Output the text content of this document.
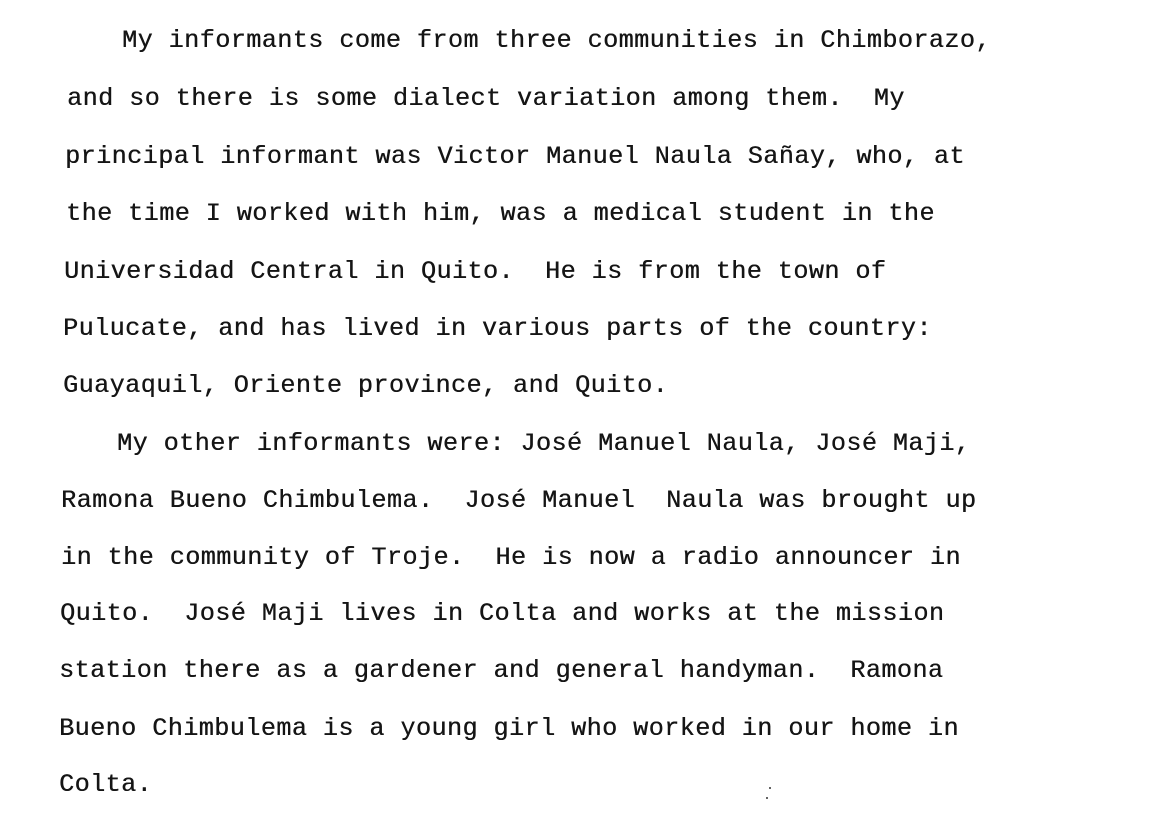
My informants come from three communities in Chimborazo,
and so there is some dialect variation among them.  My
principal informant was Victor Manuel Naula Sañay, who, at
the time I worked with him, was a medical student in the
Universidad Central in Quito.  He is from the town of
Pulucate, and has lived in various parts of the country:
Guayaquil, Oriente province, and Quito.
My other informants were: José Manuel Naula, José Maji,
Ramona Bueno Chimbulema.  José Manuel  Naula was brought up
in the community of Troje.  He is now a radio announcer in
Quito.  José Maji lives in Colta and works at the mission
station there as a gardener and general handyman.  Ramona
Bueno Chimbulema is a young girl who worked in our home in
Colta.
